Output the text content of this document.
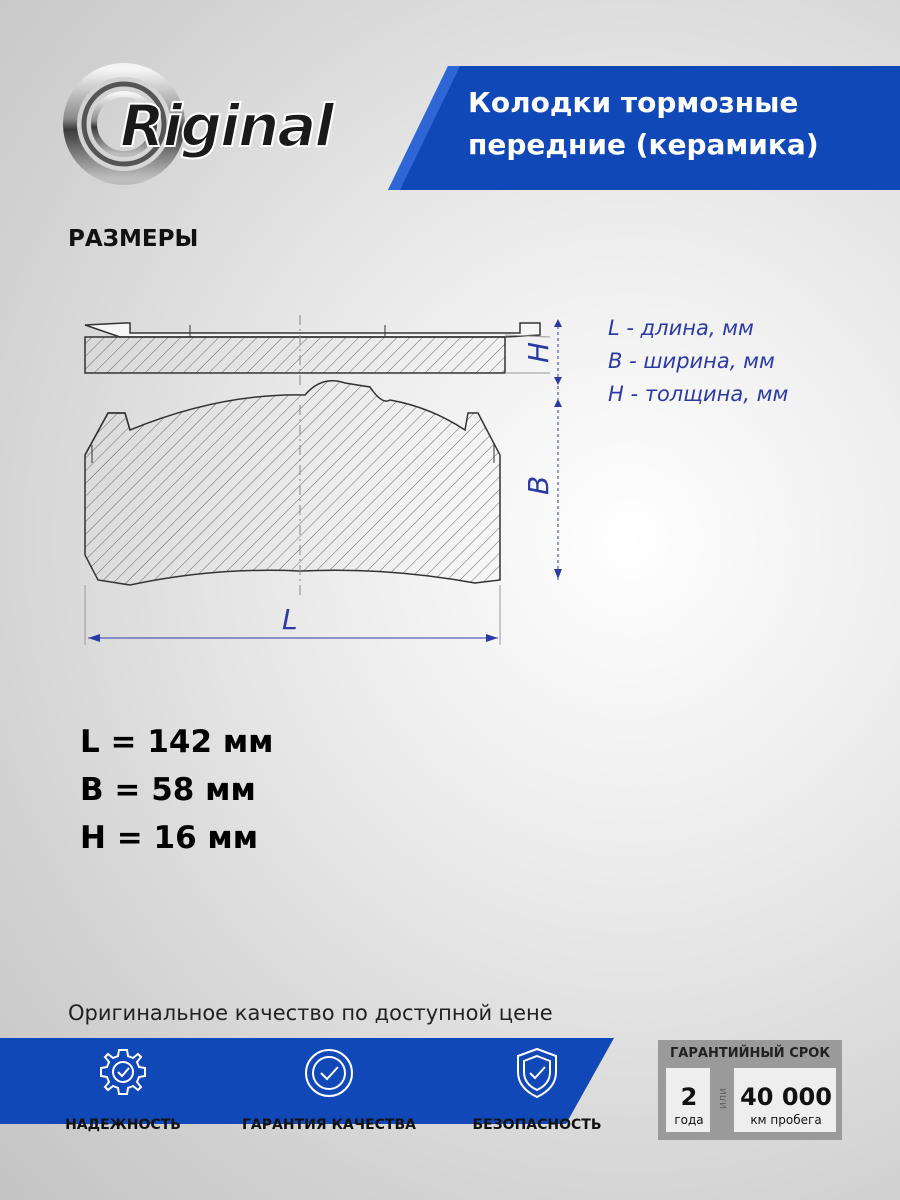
Riginal	Колодки тормозные
передние (керамика)
РАЗМЕРЫ
H
B
L
L - длина, мм
B - ширина, мм
H - толщина, мм
L = 142 мм
B = 58 мм
H = 16 мм
Оригинальное качество по доступной цене
НАДЕЖНОСТЬ	ГАРАНТИЯ КАЧЕСТВА	БЕЗОПАСНОСТЬ
ГАРАНТИЙНЫЙ СРОК
2
года
или 40 000
км пробега
